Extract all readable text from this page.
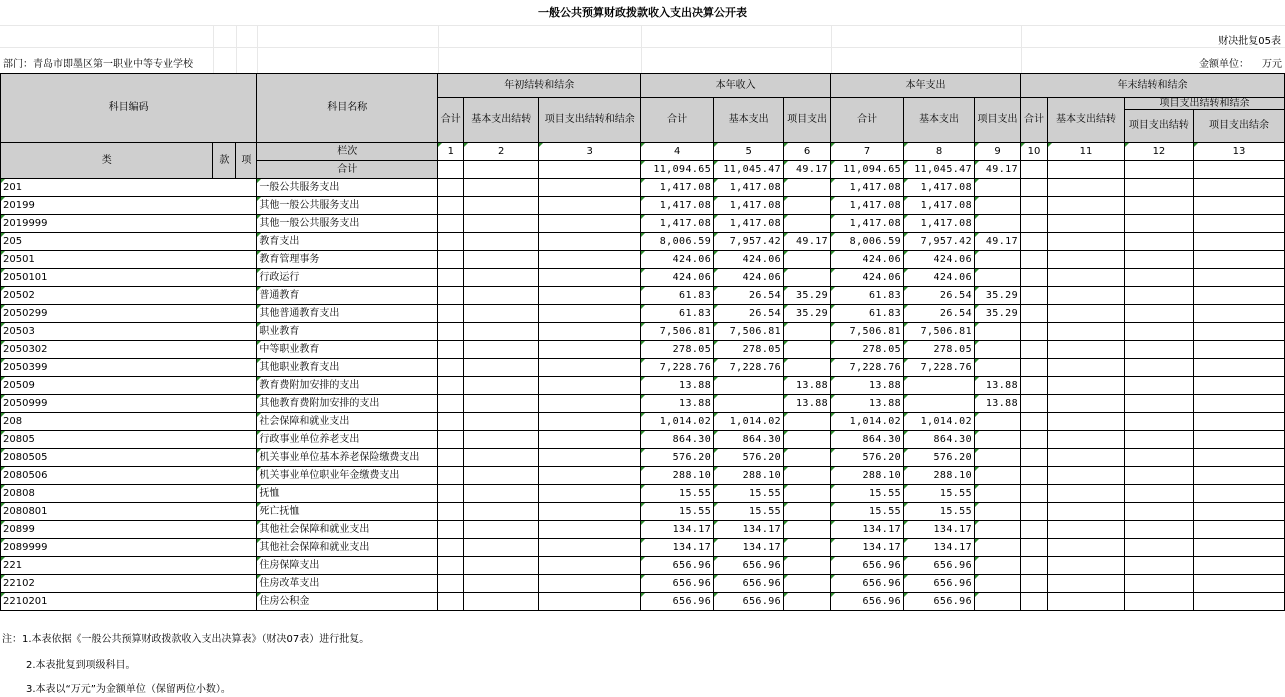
一般公共预算财政拨款收入支出决算公开表
财决批复05表
部门：青岛市即墨区第一职业中等专业学校	金额单位： 万元
科目编码			科目名称	年初结转和结余			本年收入			本年支出			年末结转和结余			
				合计	基本支出结转	项目支出结转和结余	合计	基本支出	项目支出	合计	基本支出	项目支出	合计	基本支出结转	项目支出结转和结余	
															项目支出结转	项目支出结余
类	款	项	栏次	1	2	3	4	5	6	7	8	9	10	11	12	13
			合计				11,094.65	11,045.47	49.17	11,094.65	11,045.47	49.17				
201			一般公共服务支出				1,417.08	1,417.08		1,417.08	1,417.08					
20199			其他一般公共服务支出				1,417.08	1,417.08		1,417.08	1,417.08					
2019999			其他一般公共服务支出				1,417.08	1,417.08		1,417.08	1,417.08					
205			教育支出				8,006.59	7,957.42	49.17	8,006.59	7,957.42	49.17				
20501			教育管理事务				424.06	424.06		424.06	424.06					
2050101			行政运行				424.06	424.06		424.06	424.06					
20502			普通教育				61.83	26.54	35.29	61.83	26.54	35.29				
2050299			其他普通教育支出				61.83	26.54	35.29	61.83	26.54	35.29				
20503			职业教育				7,506.81	7,506.81		7,506.81	7,506.81					
2050302			中等职业教育				278.05	278.05		278.05	278.05					
2050399			其他职业教育支出				7,228.76	7,228.76		7,228.76	7,228.76					
20509			教育费附加安排的支出				13.88		13.88	13.88		13.88				
2050999			其他教育费附加安排的支出				13.88		13.88	13.88		13.88				
208			社会保障和就业支出				1,014.02	1,014.02		1,014.02	1,014.02					
20805			行政事业单位养老支出				864.30	864.30		864.30	864.30					
2080505			机关事业单位基本养老保险缴费支出				576.20	576.20		576.20	576.20					
2080506			机关事业单位职业年金缴费支出				288.10	288.10		288.10	288.10					
20808			抚恤				15.55	15.55		15.55	15.55					
2080801			死亡抚恤				15.55	15.55		15.55	15.55					
20899			其他社会保障和就业支出				134.17	134.17		134.17	134.17					
2089999			其他社会保障和就业支出				134.17	134.17		134.17	134.17					
221			住房保障支出				656.96	656.96		656.96	656.96					
22102			住房改革支出				656.96	656.96		656.96	656.96					
2210201			住房公积金				656.96	656.96		656.96	656.96					
注：1.本表依据《一般公共预算财政拨款收入支出决算表》（财决07表）进行批复。
2.本表批复到项级科目。
3.本表以“万元”为金额单位（保留两位小数）。
